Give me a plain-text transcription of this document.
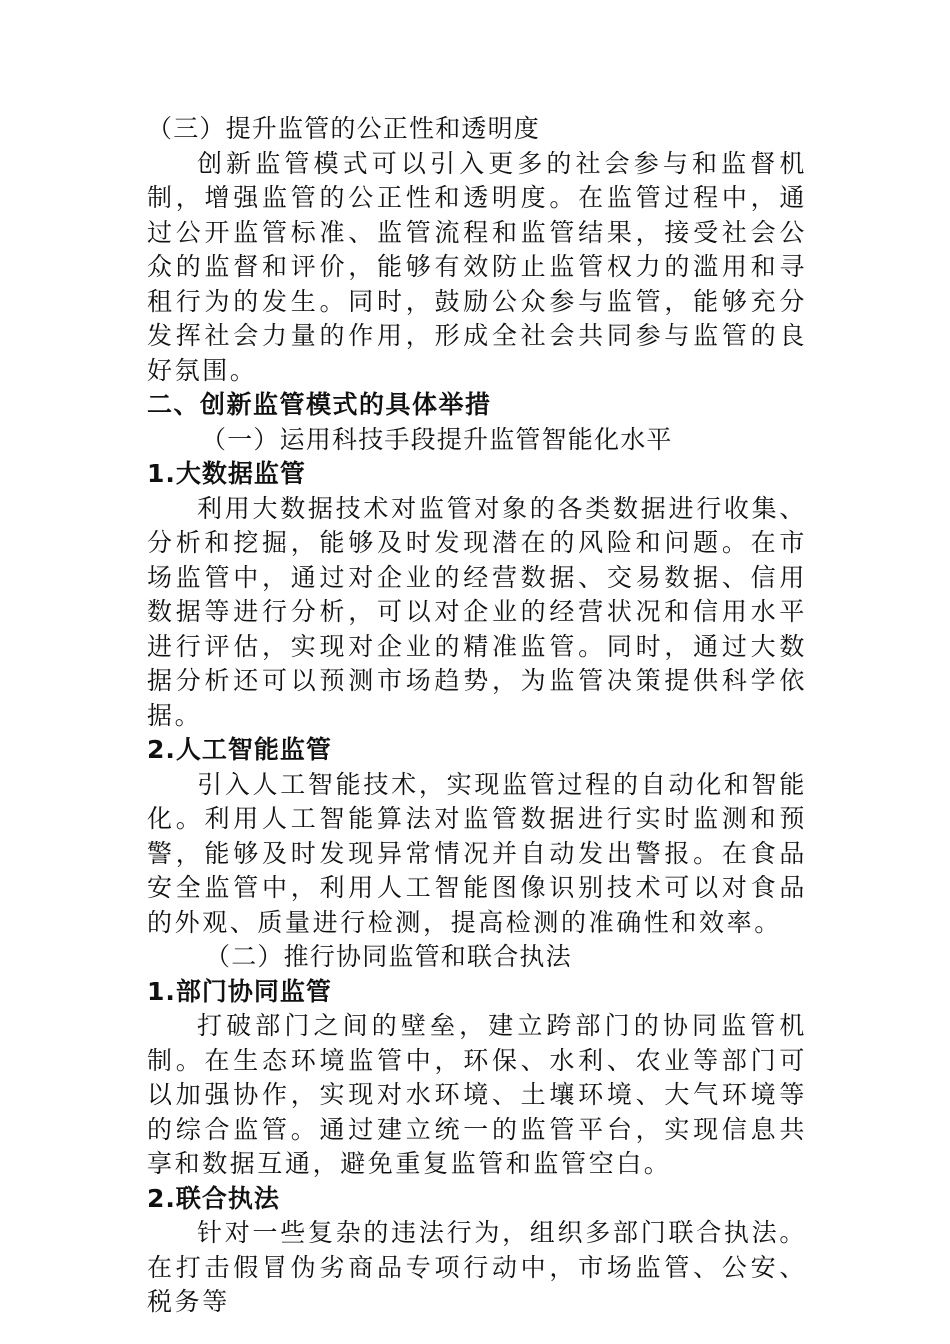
（三）提升监管的公正性和透明度

创新监管模式可以引入更多的社会参与和监督机制，增强监管的公正性和透明度。在监管过程中，通过公开监管标准、监管流程和监管结果，接受社会公众的监督和评价，能够有效防止监管权力的滥用和寻租行为的发生。同时，鼓励公众参与监管，能够充分发挥社会力量的作用，形成全社会共同参与监管的良好氛围。

二、创新监管模式的具体举措
（一）运用科技手段提升监管智能化水平
1.大数据监管

利用大数据技术对监管对象的各类数据进行收集、分析和挖掘，能够及时发现潜在的风险和问题。在市场监管中，通过对企业的经营数据、交易数据、信用数据等进行分析，可以对企业的经营状况和信用水平进行评估，实现对企业的精准监管。同时，通过大数据分析还可以预测市场趋势，为监管决策提供科学依据。

2.人工智能监管

引入人工智能技术，实现监管过程的自动化和智能化。利用人工智能算法对监管数据进行实时监测和预警，能够及时发现异常情况并自动发出警报。在食品安全监管中，利用人工智能图像识别技术可以对食品的外观、质量进行检测，提高检测的准确性和效率。

（二）推行协同监管和联合执法
1.部门协同监管

打破部门之间的壁垒，建立跨部门的协同监管机制。在生态环境监管中，环保、水利、农业等部门可以加强协作，实现对水环境、土壤环境、大气环境等的综合监管。通过建立统一的监管平台，实现信息共享和数据互通，避免重复监管和监管空白。

2.联合执法

针对一些复杂的违法行为，组织多部门联合执法。在打击假冒伪劣商品专项行动中，市场监管、公安、税务等
